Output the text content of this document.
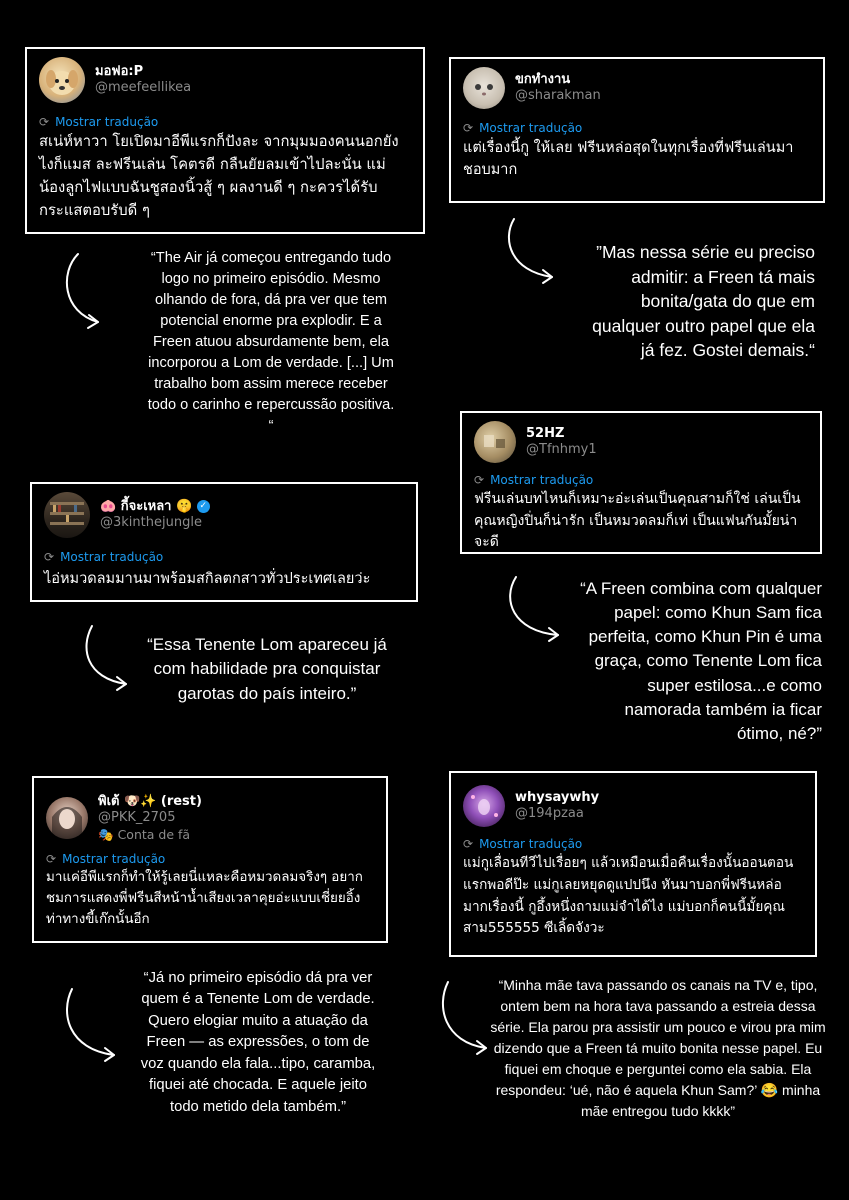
มอฟอ:P
@meefeellikea
⟳ Mostrar tradução
สเน่ห์หาวา โยเปิดมาอีพีแรกก็ปังละ จากมุมมองคนนอกยังไงก็แมส ละฟรีนเล่น โคตรดี กลืนยัยลมเข้าไปละนั่น แม่น้องลูกไฟแบบฉันชูสองนิ้วสู้ ๆ ผลงานดี ๆ กะควรได้รับกระแสตอบรับดี ๆ
ขกทำงาน
@sharakman
⟳ Mostrar tradução
แต่เรื่องนี้กู ให้เลย ฟรีนหล่อสุดในทุกเรื่องที่ฟรีนเล่นมาชอบมาก
52HZ
@Tfnhmy1
⟳ Mostrar tradução
ฟรีนเล่นบทไหนก็เหมาะอ่ะเล่นเป็นคุณสามก็ใช่ เล่นเป็นคุณหญิงปิ่นก็น่ารัก เป็นหมวดลมก็เท่ เป็นแฟนกันมั้ยน่าจะดี
🐽 กี้จะเหลา 🤫 ✓
@3kinthejungle
⟳ Mostrar tradução
ไอ่หมวดลมมานมาพร้อมสกิลตกสาวทั่วประเทศเลยว่ะ
พิเต้ 🐶✨ (rest)
@PKK_2705
🎭 Conta de fã
⟳ Mostrar tradução
มาแค่อีพีแรกก็ทำให้รู้เลยนี่แหละคือหมวดลมจริงๆ อยากชมการแสดงพี่ฟรีนสีหน้าน้ำเสียงเวลาคุยอ่ะแบบเชี่ยยอิ้งท่าทางขี้เก๊กนั้นอีก
whysaywhy
@194pzaa
⟳ Mostrar tradução
แม่กูเลื่อนทีวีไปเรื่อยๆ แล้วเหมือนเมื่อคืนเรื่องนั้นออนตอนแรกพอดีป๊ะ แม่กูเลยหยุดดูแปปนึง หันมาบอกพี่ฟรีนหล่อมากเรื่องนี้ กูอึ้งหนึ่งถามแม่จำได้ไง แม่บอกก็คนนี้มั้ยคุณสาม555555 ซีเลิ้ดจังวะ
“The Air já começou entregando tudo logo no primeiro episódio. Mesmo olhando de fora, dá pra ver que tem potencial enorme pra explodir. E a Freen atuou absurdamente bem, ela incorporou a Lom de verdade. [...] Um trabalho bom assim merece receber todo o carinho e repercussão positiva. “
”Mas nessa série eu preciso admitir: a Freen tá mais bonita/gata do que em qualquer outro papel que ela já fez. Gostei demais.“
“A Freen combina com qualquer papel: como Khun Sam fica perfeita, como Khun Pin é uma graça, como Tenente Lom fica super estilosa...e como namorada também ia ficar ótimo, né?”
“Essa Tenente Lom apareceu já com habilidade pra conquistar garotas do país inteiro.”
“Já no primeiro episódio dá pra ver quem é a Tenente Lom de verdade. Quero elogiar muito a atuação da Freen — as expressões, o tom de voz quando ela fala...tipo, caramba, fiquei até chocada. E aquele jeito todo metido dela também.”
“Minha mãe tava passando os canais na TV e, tipo, ontem bem na hora tava passando a estreia dessa série. Ela parou pra assistir um pouco e virou pra mim dizendo que a Freen tá muito bonita nesse papel. Eu fiquei em choque e perguntei como ela sabia. Ela respondeu: ‘ué, não é aquela Khun Sam?’ 😂 minha mãe entregou tudo kkkk”
